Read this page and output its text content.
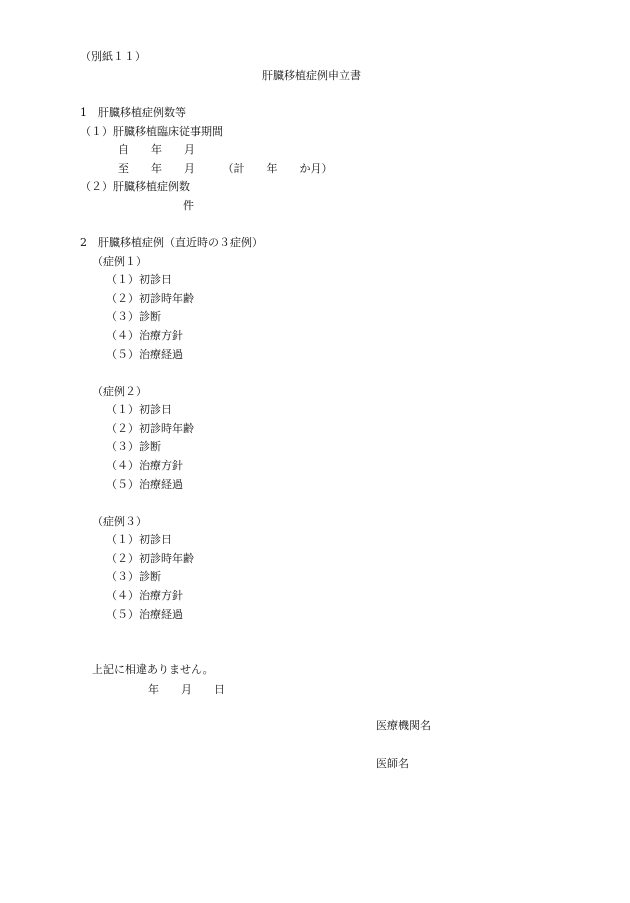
（別紙１１）
肝臓移植症例申立書
1　肝臓移植症例数等
（１）肝臓移植臨床従事期間
自　　年　　月
至　　年　　月　　　（計　　年　　か月）
（２）肝臓移植症例数
件
2　肝臓移植症例（直近時の３症例）
（症例１）
（１）初診日
（２）初診時年齢
（３）診断
（４）治療方針
（５）治療経過
（症例２）
（１）初診日
（２）初診時年齢
（３）診断
（４）治療方針
（５）治療経過
（症例３）
（１）初診日
（２）初診時年齢
（３）診断
（４）治療方針
（５）治療経過
上記に相違ありません。
年　　月　　日
医療機関名
医師名
